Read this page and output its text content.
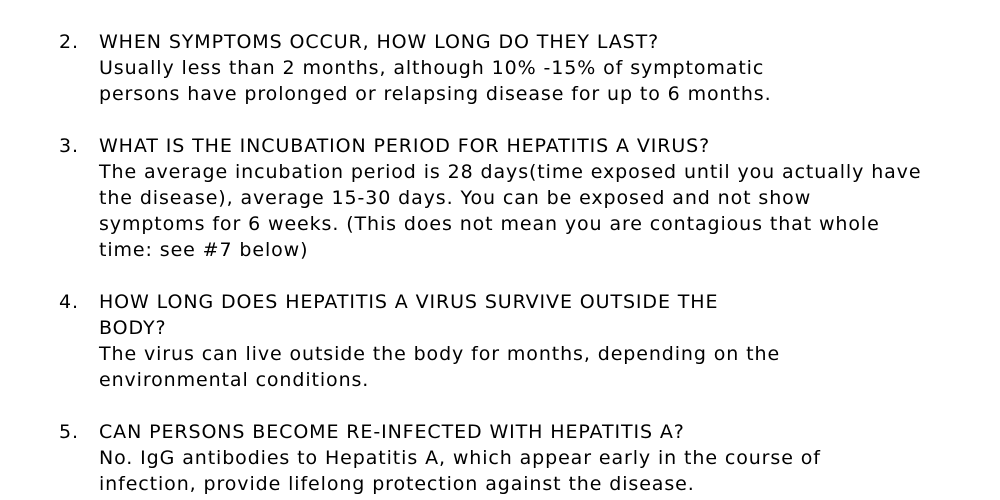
2. WHEN SYMPTOMS OCCUR, HOW LONG DO THEY LAST?
Usually less than 2 months, although 10% -15% of symptomatic
persons have prolonged or relapsing disease for up to 6 months.
3. WHAT IS THE INCUBATION PERIOD FOR HEPATITIS A VIRUS?
The average incubation period is 28 days(time exposed until you actually have
the disease), average 15-30 days. You can be exposed and not show
symptoms for 6 weeks. (This does not mean you are contagious that whole
time: see #7 below)
4. HOW LONG DOES HEPATITIS A VIRUS SURVIVE OUTSIDE THE
BODY?
The virus can live outside the body for months, depending on the
environmental conditions.
5. CAN PERSONS BECOME RE-INFECTED WITH HEPATITIS A?
No. IgG antibodies to Hepatitis A, which appear early in the course of
infection, provide lifelong protection against the disease.
